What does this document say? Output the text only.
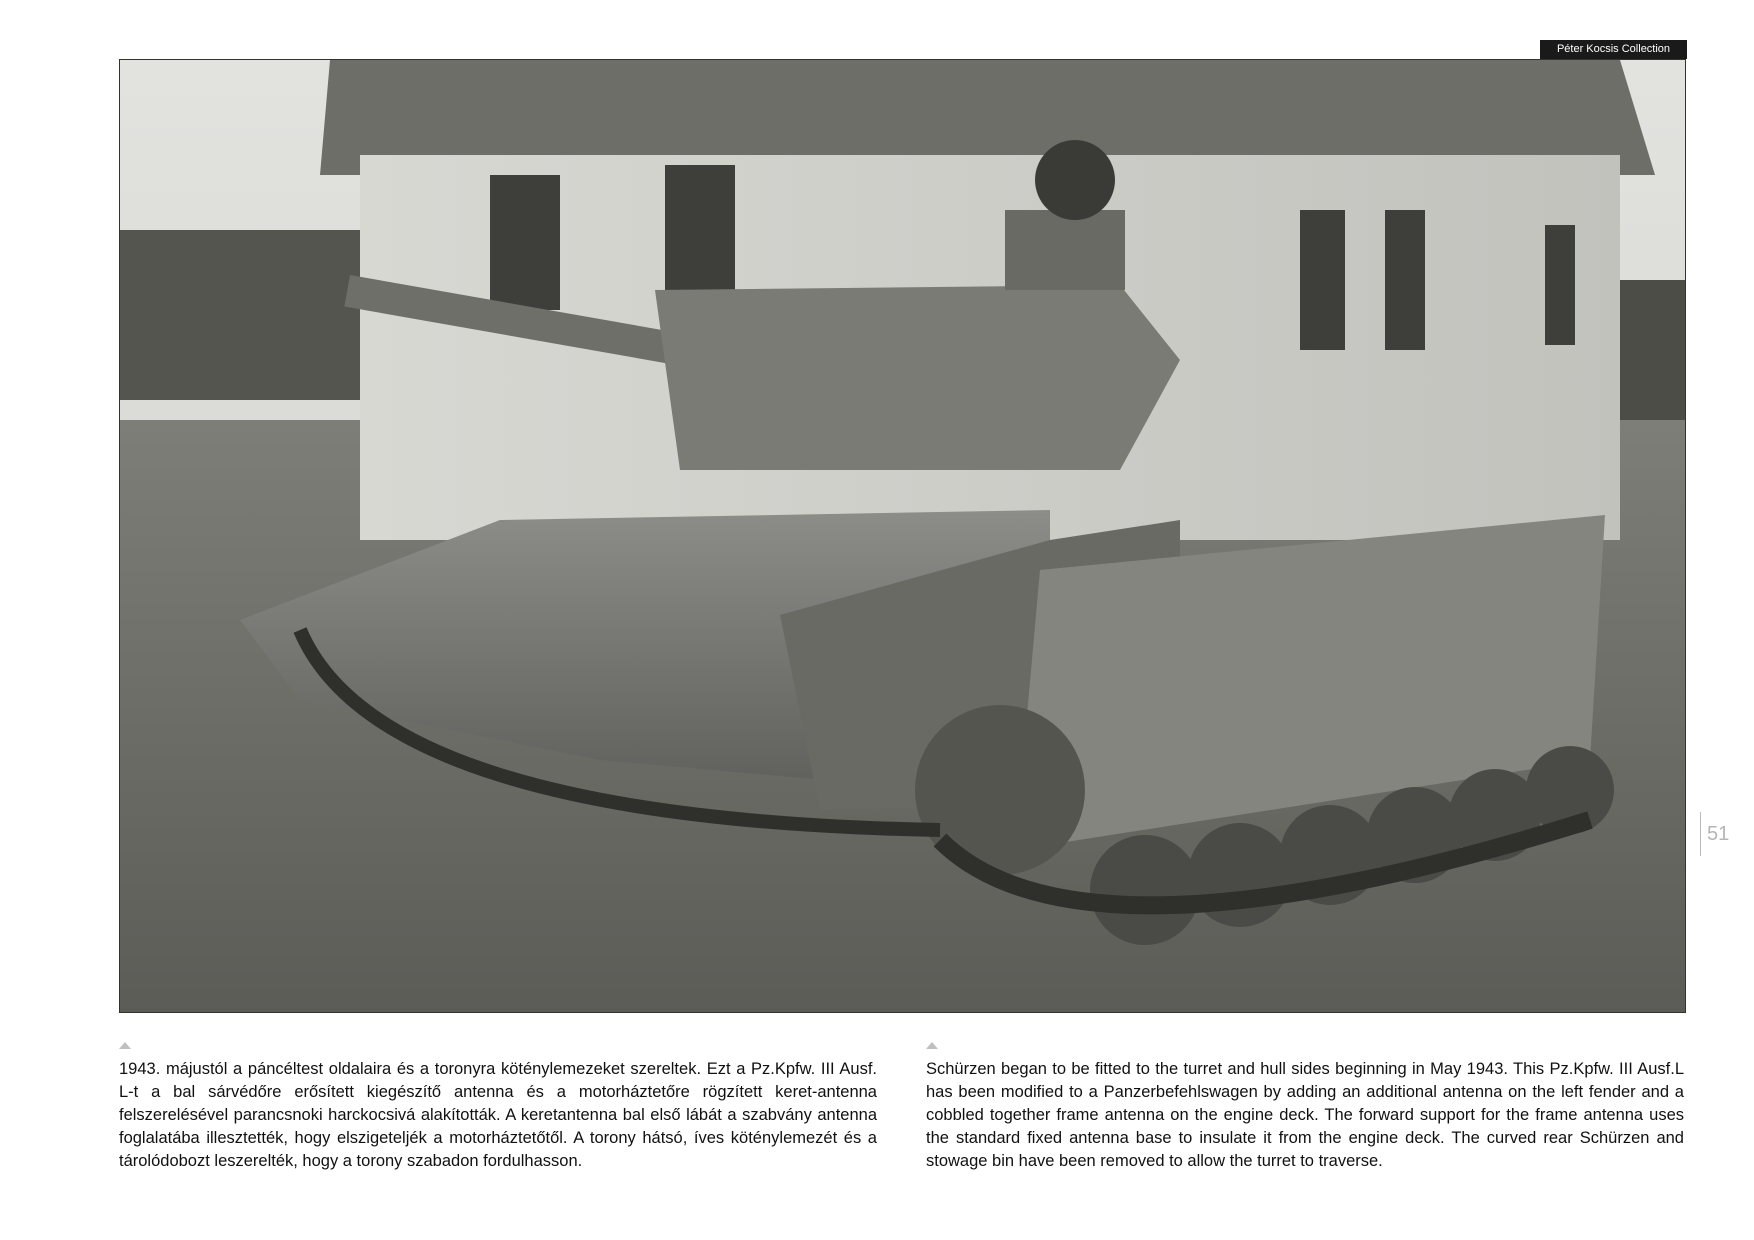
Péter Kocsis Collection
51

1943. májustól a páncéltest oldalaira és a toronyra köténylemezeket szereltek. Ezt a Pz.Kpfw. III Ausf. L-t a bal sárvédőre erősített kiegészítő antenna és a motorháztetőre rögzített keret-antenna felszerelésével parancsnoki harckocsivá alakították. A keretantenna bal első lábát a szabvány antenna foglalatába illesztették, hogy elszigeteljék a motorháztetőtől. A torony hátsó, íves köténylemezét és a tárolódobozt leszerelték, hogy a torony szabadon fordulhasson.

Schürzen began to be fitted to the turret and hull sides beginning in May 1943. This Pz.Kpfw. III Ausf.L has been modified to a Panzerbefehlswagen by adding an additional antenna on the left fender and a cobbled together frame antenna on the engine deck. The forward support for the frame antenna uses the standard fixed antenna base to insulate it from the engine deck. The curved rear Schürzen and stowage bin have been removed to allow the turret to traverse.
